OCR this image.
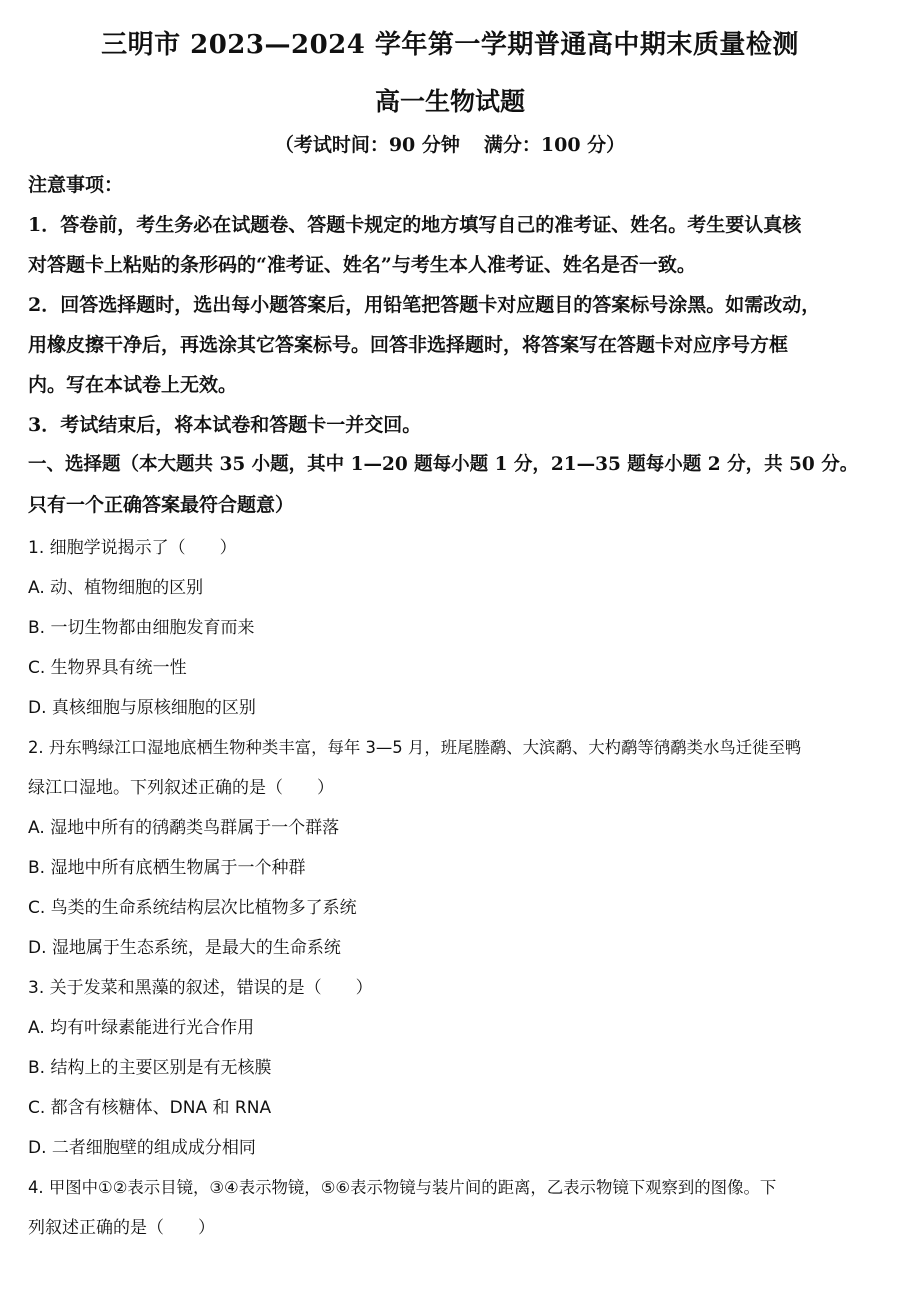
三明市 2023—2024 学年第一学期普通高中期末质量检测
高一生物试题
（考试时间：90 分钟 满分：100 分）
注意事项：
1．答卷前，考生务必在试题卷、答题卡规定的地方填写自己的准考证、姓名。考生要认真核
对答题卡上粘贴的条形码的“准考证、姓名”与考生本人准考证、姓名是否一致。
2．回答选择题时，选出每小题答案后，用铅笔把答题卡对应题目的答案标号涂黑。如需改动，
用橡皮擦干净后，再选涂其它答案标号。回答非选择题时，将答案写在答题卡对应序号方框
内。写在本试卷上无效。
3．考试结束后，将本试卷和答题卡一并交回。
一、选择题（本大题共 35 小题，其中 1—20 题每小题 1 分，21—35 题每小题 2 分，共 50 分。
只有一个正确答案最符合题意）
1. 细胞学说揭示了（　　）
A. 动、植物细胞的区别
B. 一切生物都由细胞发育而来
C. 生物界具有统一性
D. 真核细胞与原核细胞的区别
2. 丹东鸭绿江口湿地底栖生物种类丰富，每年 3—5 月，班尾塍鹬、大滨鹬、大杓鹬等鸻鹬类水鸟迁徙至鸭
绿江口湿地。下列叙述正确的是（　　）
A. 湿地中所有的鸻鹬类鸟群属于一个群落
B. 湿地中所有底栖生物属于一个种群
C. 鸟类的生命系统结构层次比植物多了系统
D. 湿地属于生态系统，是最大的生命系统
3. 关于发菜和黑藻的叙述，错误的是（　　）
A. 均有叶绿素能进行光合作用
B. 结构上的主要区别是有无核膜
C. 都含有核糖体、DNA 和 RNA
D. 二者细胞壁的组成成分相同
4. 甲图中①②表示目镜，③④表示物镜，⑤⑥表示物镜与装片间的距离，乙表示物镜下观察到的图像。下
列叙述正确的是（　　）
